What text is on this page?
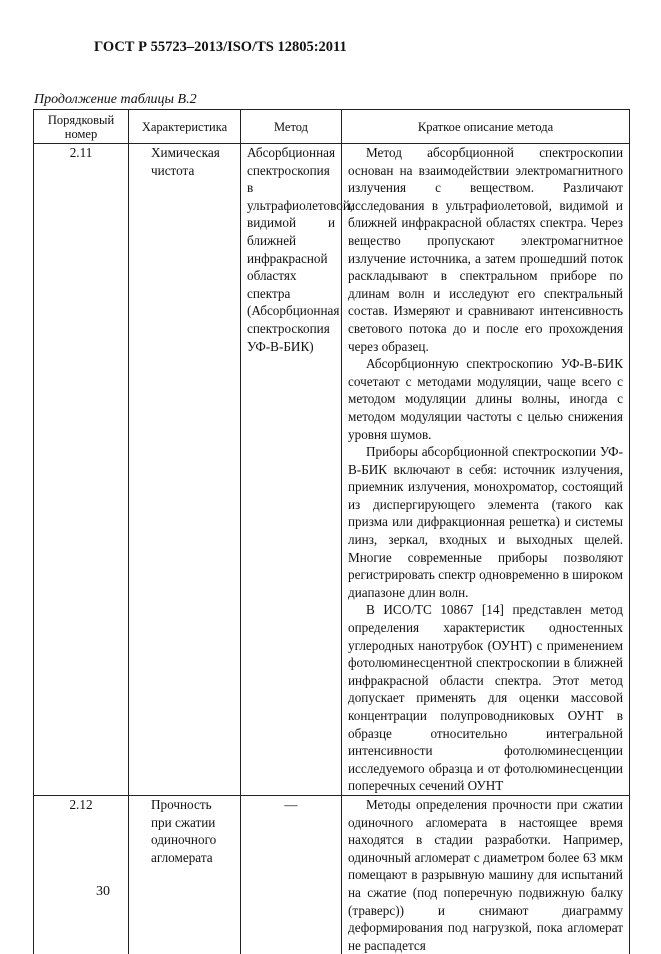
ГОСТ Р 55723–2013/ISO/TS 12805:2011
Продолжение таблицы В.2
Порядковый номер	Характеристика	Метод	Краткое описание метода
2.11	Химическая чистота	Абсорбционная спектроскопия в ультрафиолетовой, видимой и ближней инфракрасной областях спектра (Абсорбционная спектроскопия УФ-В-БИК)	Метод абсорбционной спектроскопии основан на взаимодействии электромагнитного излучения с веществом. Различают исследования в ультрафиолетовой, видимой и ближней инфракрасной областях спектра. Через вещество пропускают электромагнитное излучение источника, а затем прошедший поток раскладывают в спектральном приборе по длинам волн и исследуют его спектральный состав. Измеряют и сравнивают интенсивность светового потока до и после его прохождения через образец.

Абсорбционную спектроскопию УФ-В-БИК сочетают с методами модуляции, чаще всего с методом модуляции длины волны, иногда с методом модуляции частоты с целью снижения уровня шумов.

Приборы абсорбционной спектроскопии УФ-В-БИК включают в себя: источник излучения, приемник излучения, монохроматор, состоящий из диспергирующего элемента (такого как призма или дифракционная решетка) и системы линз, зеркал, входных и выходных щелей. Многие современные приборы позволяют регистрировать спектр одновременно в широком диапазоне длин волн.

В ИСО/ТС 10867 [14] представлен метод определения характеристик одностенных углеродных нанотрубок (ОУНТ) с применением фотолюминесцентной спектроскопии в ближней инфракрасной области спектра. Этот метод допускает применять для оценки массовой концентрации полупроводниковых ОУНТ в образце относительно интегральной интенсивности фотолюминесценции исследуемого образца и от фотолюминесценции поперечных сечений ОУНТ

2.12	Прочность при сжатии одиночного агломерата	—	Методы определения прочности при сжатии одиночного агломерата в настоящее время находятся в стадии разработки. Например, одиночный агломерат с диаметром более 63 мкм помещают в разрывную машину для испытаний на сжатие (под поперечную подвижную балку (траверс)) и снимают диаграмму деформирования под нагрузкой, пока агломерат не распадется

30
